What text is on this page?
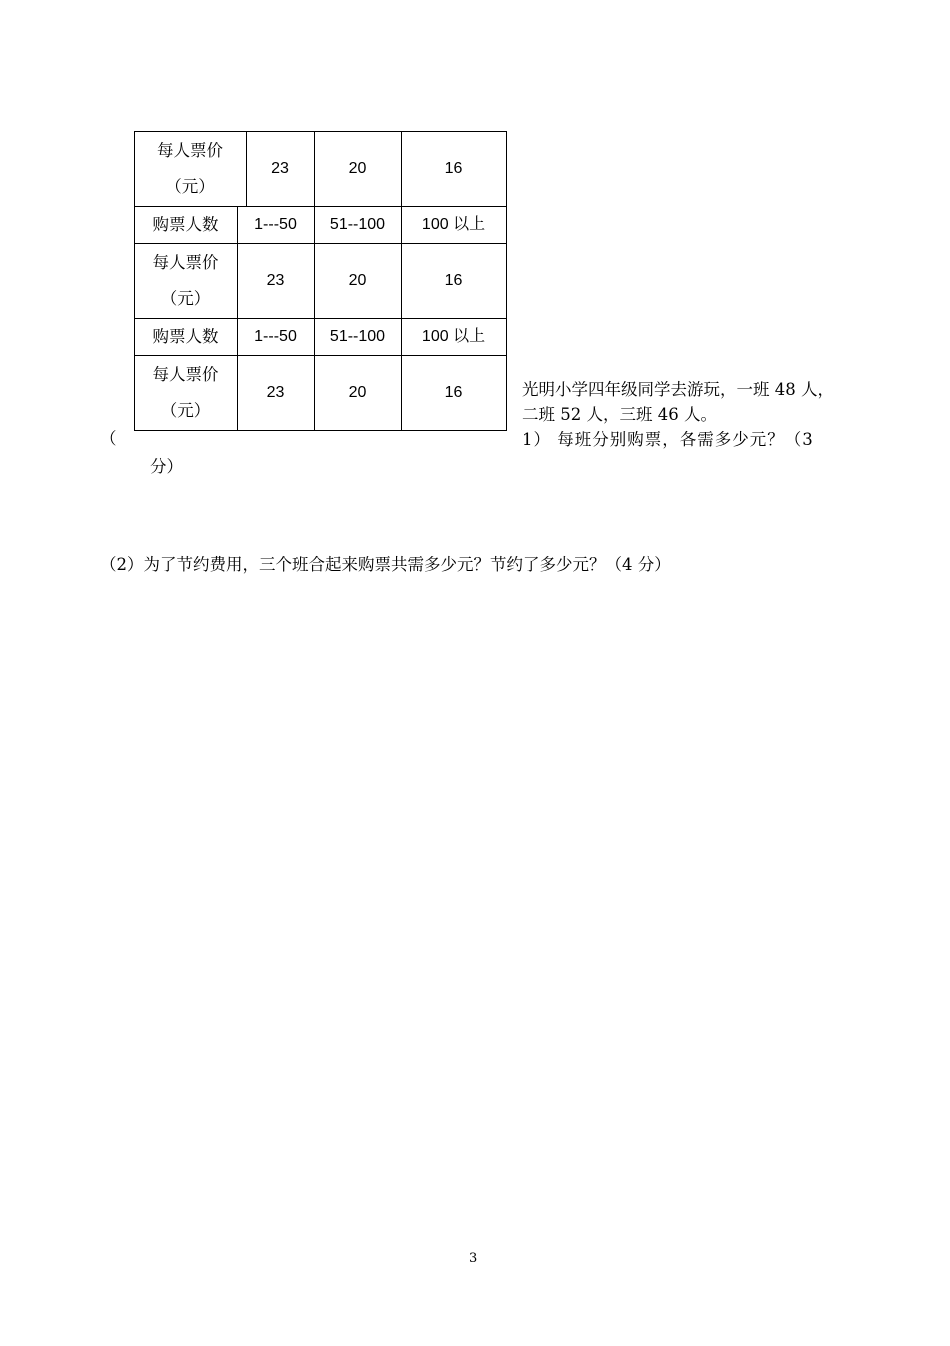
每人票价
（元）
23	20	16
购票人数	1---50	51--100	100 以上
每人票价
（元）
23	20	16
购票人数	1---50	51--100	100 以上
每人票价
（元）
23	20	16
（
光明小学四年级同学去游玩，一班 48 人，
二班 52 人，三班 46 人。
1） 每班分别购票，各需多少元？（3
分）
（2）为了节约费用，三个班合起来购票共需多少元？节约了多少元？（4 分）
3
